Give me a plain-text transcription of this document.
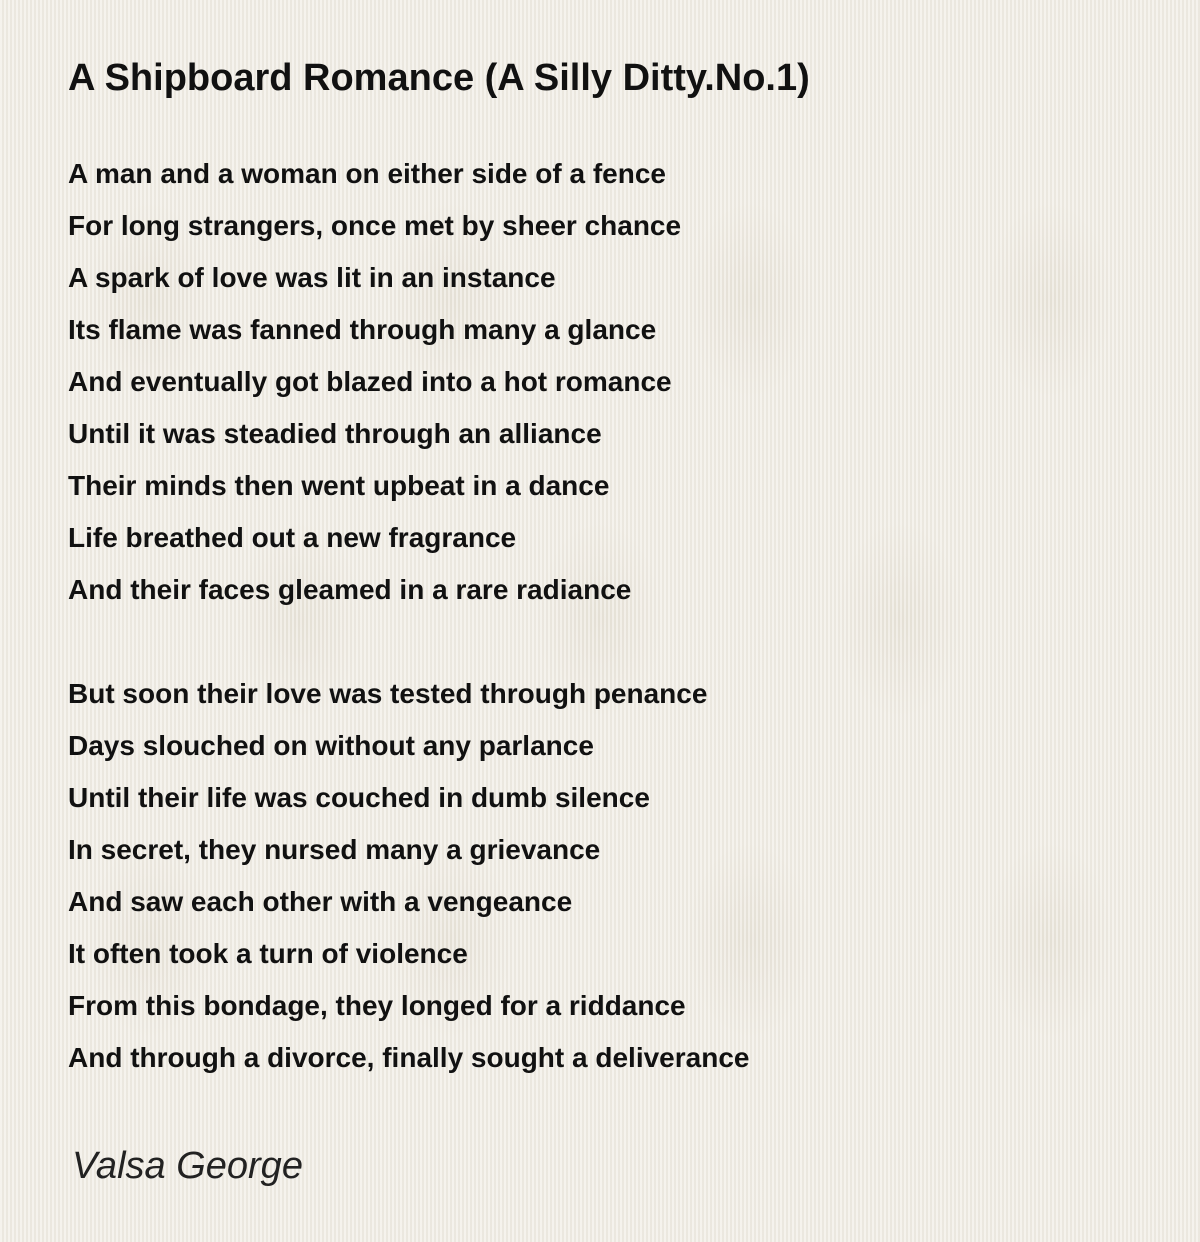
A Shipboard Romance (A Silly Ditty.No.1)

A man and a woman on either side of a fence
For long strangers, once met by sheer chance
A spark of love was lit in an instance
Its flame was fanned through many a glance
And eventually got blazed into a hot romance
Until it was steadied through an alliance
Their minds then went upbeat in a dance
Life breathed out a new fragrance
And their faces gleamed in a rare radiance

But soon their love was tested through penance
Days slouched on without any parlance
Until their life was couched in dumb silence
In secret, they nursed many a grievance
And saw each other with a vengeance
It often took a turn of violence
From this bondage, they longed for a riddance
And through a divorce, finally sought a deliverance

Valsa George
